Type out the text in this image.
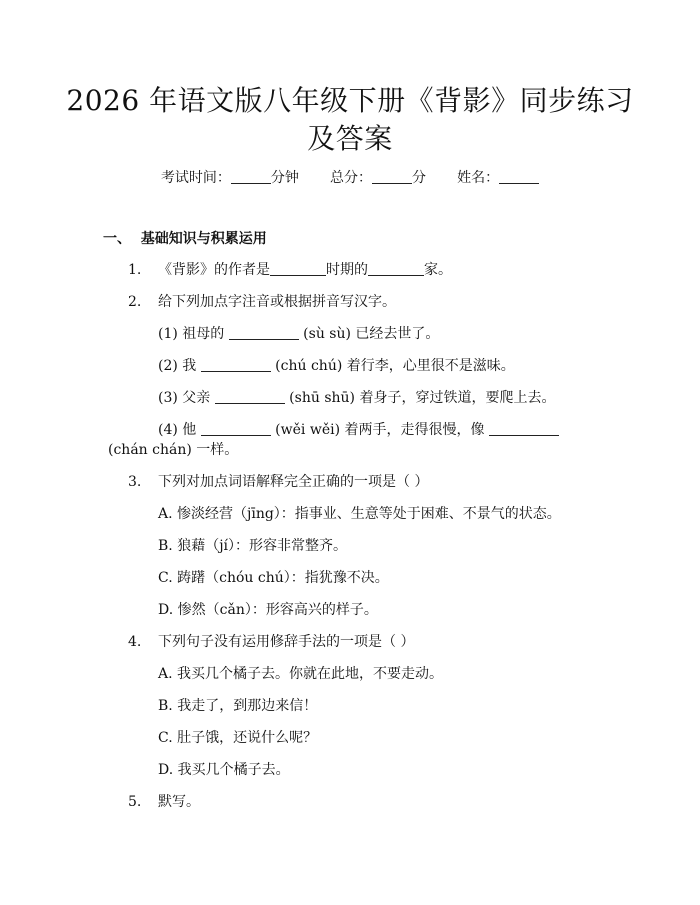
2026 年语文版八年级下册《背影》同步练习
及答案
考试时间：	分钟 总分：	分 姓名：
一、  基础知识与积累运用
1. 《背影》的作者是	时期的	家。
2. 给下列加点字注音或根据拼音写汉字。
(1) 祖母的	(sù sù) 已经去世了。
(2) 我	(chú chú) 着行李，心里很不是滋味。
(3) 父亲	(shū shū) 着身子，穿过铁道，要爬上去。
(4) 他	(wěi wěi) 着两手，走得很慢，像
(chán chán) 一样。
3. 下列对加点词语解释完全正确的一项是（ ）
A. 惨淡经营（jīng）：指事业、生意等处于困难、不景气的状态。
B. 狼藉（jí）：形容非常整齐。
C. 踌躇（chóu chú）：指犹豫不决。
D. 惨然（cǎn）：形容高兴的样子。
4. 下列句子没有运用修辞手法的一项是（ ）
A. 我买几个橘子去。你就在此地，不要走动。
B. 我走了，到那边来信！
C. 肚子饿，还说什么呢？
D. 我买几个橘子去。
5. 默写。
